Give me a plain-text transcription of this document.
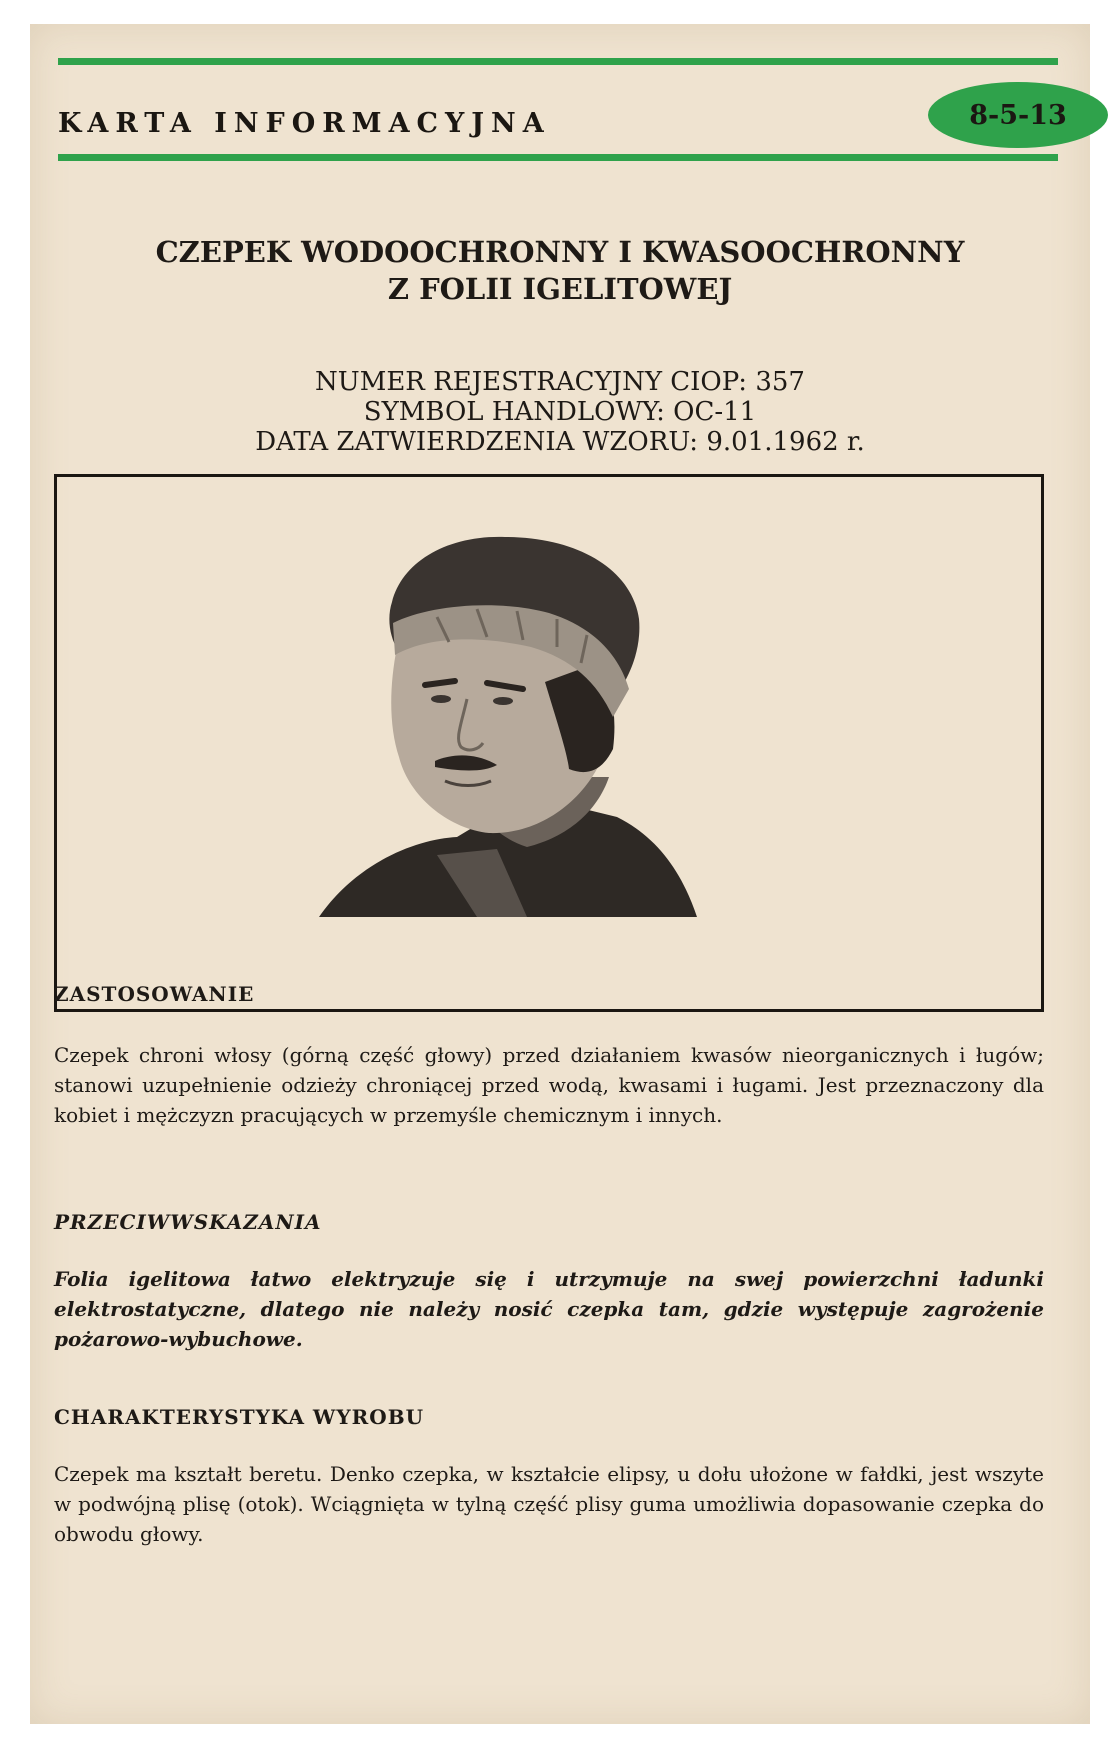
KARTA INFORMACYJNA	8-5-13
CZEPEK WODOOCHRONNY I KWASOOCHRONNY
Z FOLII IGELITOWEJ
NUMER REJESTRACYJNY CIOP: 357
SYMBOL HANDLOWY: OC-11
DATA ZATWIERDZENIA WZORU: 9.01.1962 r.
ZASTOSOWANIE

Czepek chroni włosy (górną część głowy) przed działaniem kwasów nieorganicznych i ługów; stanowi uzupełnienie odzieży chroniącej przed wodą, kwasami i ługami. Jest przeznaczony dla kobiet i mężczyzn pracujących w przemyśle chemicznym i innych.

PRZECIWWSKAZANIA

Folia igelitowa łatwo elektryzuje się i utrzymuje na swej powierzchni ładunki elektrostatyczne, dlatego nie należy nosić czepka tam, gdzie występuje zagrożenie pożarowo-wybuchowe.

CHARAKTERYSTYKA WYROBU

Czepek ma kształt beretu. Denko czepka, w kształcie elipsy, u dołu ułożone w fałdki, jest wszyte w podwójną plisę (otok). Wciągnięta w tylną część plisy guma umożliwia dopasowanie czepka do obwodu głowy.
